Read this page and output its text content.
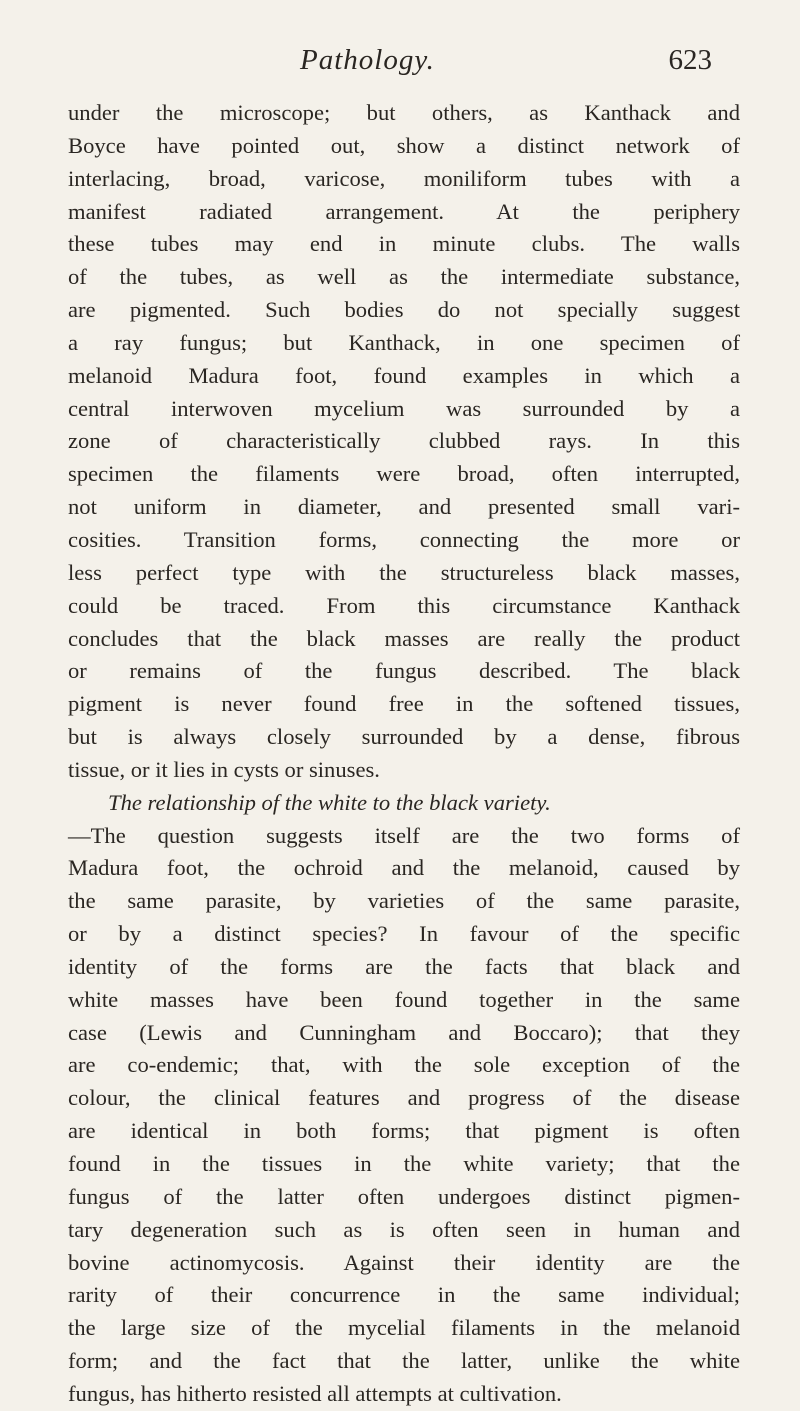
Pathology.	623
under the microscope; but others, as Kanthack and
Boyce have pointed out, show a distinct network of
interlacing, broad, varicose, moniliform tubes with a
manifest radiated arrangement. At the periphery
these tubes may end in minute clubs. The walls
of the tubes, as well as the intermediate substance,
are pigmented. Such bodies do not specially suggest
a ray fungus; but Kanthack, in one specimen of
melanoid Madura foot, found examples in which a
central interwoven mycelium was surrounded by a
zone of characteristically clubbed rays. In this
specimen the filaments were broad, often interrupted,
not uniform in diameter, and presented small vari-
cosities. Transition forms, connecting the more or
less perfect type with the structureless black masses,
could be traced. From this circumstance Kanthack
concludes that the black masses are really the product
or remains of the fungus described. The black
pigment is never found free in the softened tissues,
but is always closely surrounded by a dense, fibrous
tissue, or it lies in cysts or sinuses.
The relationship of the white to the black variety.
—The question suggests itself are the two forms of
Madura foot, the ochroid and the melanoid, caused by
the same parasite, by varieties of the same parasite,
or by a distinct species? In favour of the specific
identity of the forms are the facts that black and
white masses have been found together in the same
case (Lewis and Cunningham and Boccaro); that they
are co-endemic; that, with the sole exception of the
colour, the clinical features and progress of the disease
are identical in both forms; that pigment is often
found in the tissues in the white variety; that the
fungus of the latter often undergoes distinct pigmen-
tary degeneration such as is often seen in human and
bovine actinomycosis. Against their identity are the
rarity of their concurrence in the same individual;
the large size of the mycelial filaments in the melanoid
form; and the fact that the latter, unlike the white
fungus, has hitherto resisted all attempts at cultivation.
